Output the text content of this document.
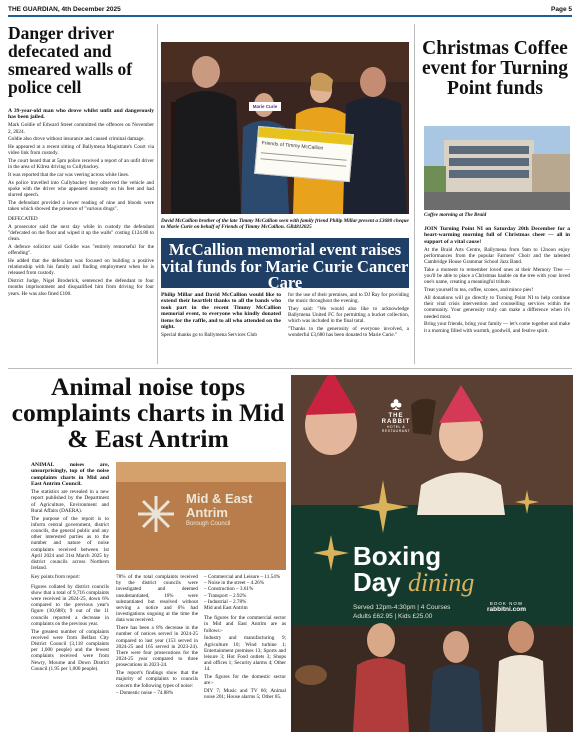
THE GUARDIAN, 4th December 2025	Page 5
Danger driver defecated and smeared walls of police cell

A 39-year-old man who drove whilst unfit and dangerously has been jailed.

Mark Goldie of Edward Street committed the offences on November 2, 2024.

Goldie also drove without insurance and caused criminal damage.

He appeared at a recent sitting of Ballymena Magistrate's Court via video link from custody.

The court heard that at 5pm police received a report of an unfit driver in the area of Kilrea driving to Cullybackey.

It was reported that the car was veering across white lines.

As police travelled into Cullybackey they observed the vehicle and spoke with the driver who appeared unsteady on his feet and had slurred speech.

The defendant provided a lower reading of nine and bloods were taken which showed the presence of "various drugs".

DEFECATED

A prosecutor said the next day while in custody the defendant "defecated on the floor and wiped it up the walls" costing £124.80 to clean.

A defence solicitor said Goldie was "entirely remorseful for the offending".

He added that the defendant was focused on building a positive relationship with his family and finding employment when he is released from custody.

District Judge, Nigel Broderick, sentenced the defendant to four months imprisonment and disqualified him from driving for four years. He was also fined £100.

Marie Curie
Friends of Timmy McCallion
David McCallion brother of the late Timmy McCallion seen with family friend Philip Millar present a £3680 cheque to Marie Curie on behalf of Friends of Timmy McCallion. GB4812025
McCallion memorial event raises vital funds for Marie Curie Cancer Care

Philip Millar and David McCallion would like to extend their heartfelt thanks to all the bands who took part in the recent Timmy McCallion memorial event, to everyone who kindly donated items for the raffle, and to all who attended on the night.

Special thanks go to Ballymena Services Club

for the use of their premises, and to DJ Ray for providing the music throughout the evening.

They said: "We would also like to acknowledge Ballymena United FC for permitting a bucket collection, which was included in the final total.

"Thanks to the generosity of everyone involved, a wonderful £3,680 has been donated to Marie Curie."

Christmas Coffee event for Turning Point funds
Coffee morning at The Braid

JOIN Turning Point NI on Saturday 20th December for a heart-warming morning full of Christmas cheer — all in support of a vital cause!

At the Braid Arts Centre, Ballymena from 9am to 12noon enjoy performances from the popular Farmers' Choir and the talented Cambridge House Grammar School Jazz Band.

Take a moment to remember loved ones at their Memory Tree — you'll be able to place a Christmas bauble on the tree with your loved one's name, creating a meaningful tribute.

Treat yourself to tea, coffee, scones, and mince pies!

All donations will go directly to Turning Point NI to help continue their vital crisis intervention and counselling services within the community. Your generosity truly can make a difference when it's needed most.

Bring your friends, bring your family — let's come together and make it a morning filled with warmth, goodwill, and festive spirit.

Animal noise tops complaints charts in Mid & East Antrim

ANIMAL noises are, unsurprisingly, top of the noise complaints charts in Mid and East Antrim Council.

The statistics are revealed in a new report published by the Department of Agriculture, Environment and Rural Affairs (DAERA).

The purpose of the report is to inform central government, district councils, the general public and any other interested parties as to the number and nature of noise complaints received between 1st April 2024 and 31st March 2025 by district councils across Northern Ireland.

Key points from report:

Figures collated by district councils show that a total of 9,716 complaints were received in 2024-25, down 6% compared to the previous year's figure (10,688); 9 out of the 11 councils reported a decrease in complaints on the previous year.

The greatest number of complaints received were from Belfast City District Council (3,118 complaints per 1,000 people) and the fewest complaints received were from Newry, Mourne and Down District Council (1.95 per 1,000 people).

Mid & East
Antrim
Borough Council

78% of the total complaints received by the district councils were investigated and deemed unsubstantiated, 16% were substantiated but resolved without serving a notice and 6% had investigations ongoing at the time the data was received.

There has been a 8% decrease in the number of notices served in 2024-25 compared to last year (153 served in 2024-25 and 165 served in 2023-24). There were four prosecutions for the 2024-25 year compared to three prosecutions in 2023-24.

The report's findings show that the majority of complaints to councils concern the following types of noise:

– Domestic noise – 74.88%

– Commercial and Leisure – 11.54%

– Noise in the street – 4.26%

– Construction – 3.61%

– Transport – 2.92%

– Industrial – 2.78%

Mid and East Antrim

The figures for the commercial sector in Mid and East Antrim are as follows:-

Industry and manufacturing 9; Agriculture 10; Wind turbine 1; Entertainment premises 13; Sports and leisure 3; Hot Food outlets 3; Shops and offices 1; Security alarms 4; Other 14.

The figures for the domestic sector are:-

DIY 7; Music and TV 66; Animal noise 201; House alarms 5; Other 85.

♣
THE RABBIT
HOTEL & RESTAURANT
Boxing
Day dining
Served 12pm-4:30pm | 4 Courses
Adults £62.95 | Kids £25.00
BOOK NOW
rabbitni.com
